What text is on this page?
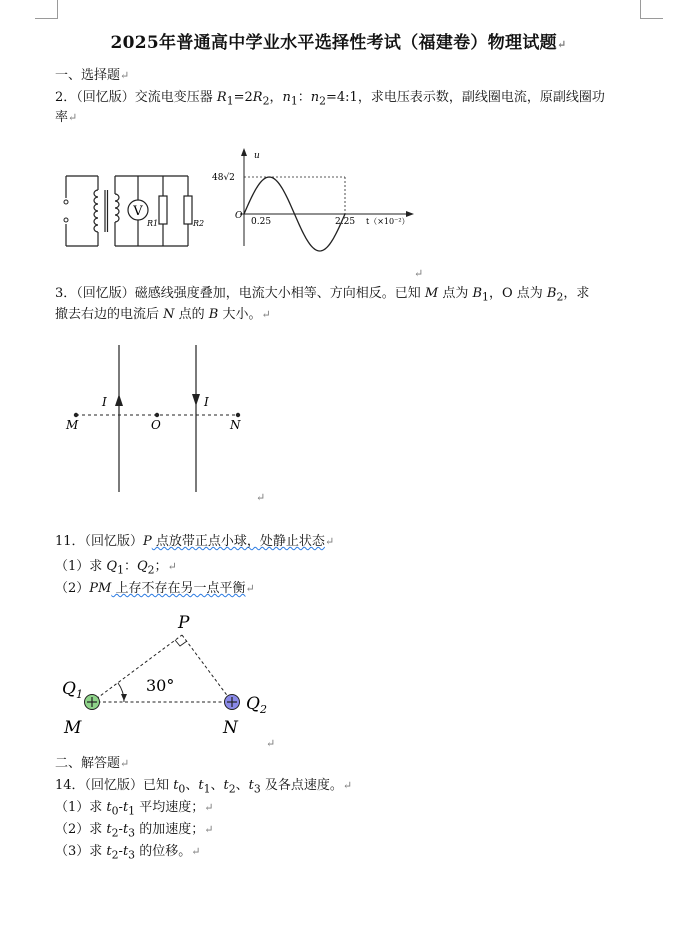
2025年普通高中学业水平选择性考试（福建卷）物理试题↵
一、选择题↵
2．（回忆版）交流电变压器 $R_1=2R_2$，$n_1$：$n_2=4:1$，求电压表示数，副线圈电流，原副线圈功
率↵
V
R1	R2
u
48√2
O
0.25	2.25 t（×10⁻²）
↵
3．（回忆版）磁感线强度叠加，电流大小相等、方向相反。已知 M 点为 $B_1$，O 点为 $B_2$，求
撤去右边的电流后 N 点的 B 大小。↵
I	I
M	O	N
↵
11．（回忆版）P 点放带正点小球，处静止状态↵
（1）求 $Q_1$：$Q_2$；↵
（2）PM 上存不存在另一点平衡↵
P
30°
$Q_1$	$Q_2$
M	N
↵
二、解答题↵
14．（回忆版）已知 $t_0$、$t_1$、$t_2$、$t_3$ 及各点速度。↵
（1）求 $t_0-t_1$ 平均速度；↵
（2）求 $t_2-t_3$ 的加速度；↵
（3）求 $t_2-t_3$ 的位移。↵
